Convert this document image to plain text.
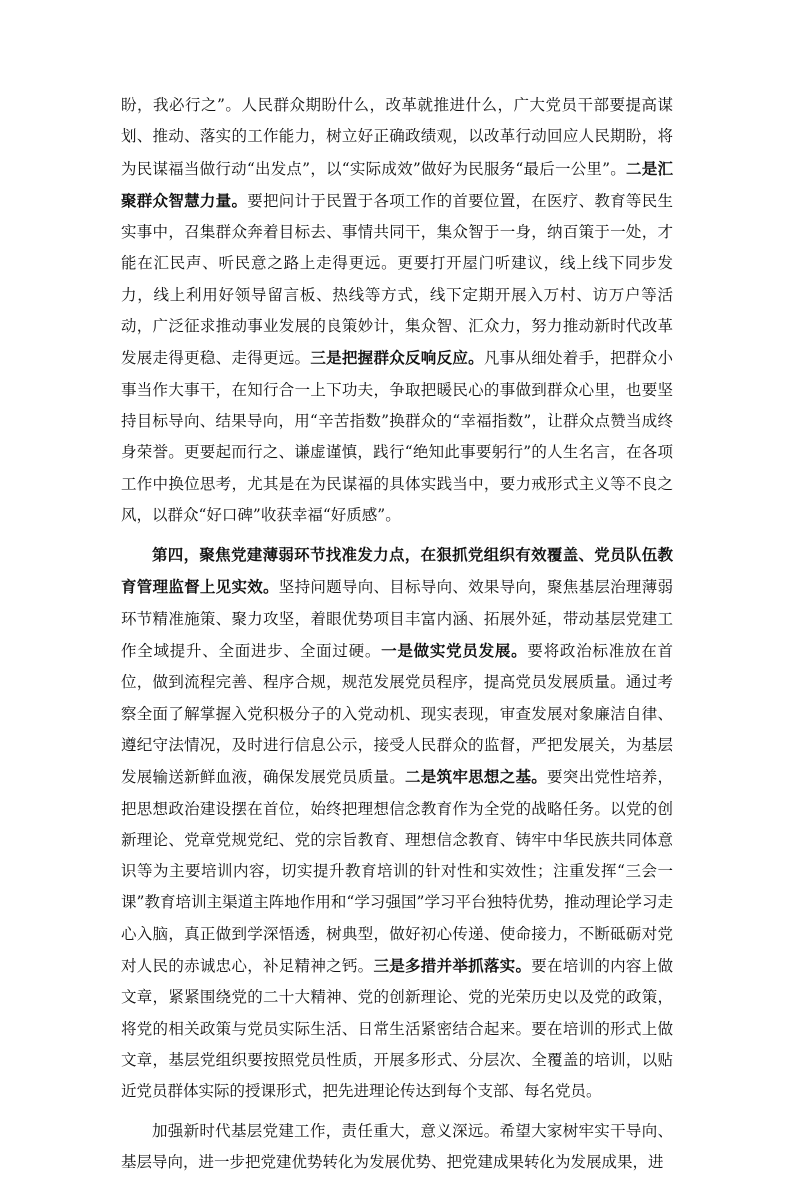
盼，我必行之”。人民群众期盼什么，改革就推进什么，广大党员干部要提高谋划、推动、落实的工作能力，树立好正确政绩观，以改革行动回应人民期盼，将为民谋福当做行动“出发点”，以“实际成效”做好为民服务“最后一公里”。二是汇聚群众智慧力量。要把问计于民置于各项工作的首要位置，在医疗、教育等民生实事中，召集群众奔着目标去、事情共同干，集众智于一身，纳百策于一处，才能在汇民声、听民意之路上走得更远。更要打开屋门听建议，线上线下同步发力，线上利用好领导留言板、热线等方式，线下定期开展入万村、访万户等活动，广泛征求推动事业发展的良策妙计，集众智、汇众力，努力推动新时代改革发展走得更稳、走得更远。三是把握群众反响反应。凡事从细处着手，把群众小事当作大事干，在知行合一上下功夫，争取把暖民心的事做到群众心里，也要坚持目标导向、结果导向，用“辛苦指数”换群众的“幸福指数”，让群众点赞当成终身荣誉。更要起而行之、谦虚谨慎，践行“绝知此事要躬行”的人生名言，在各项工作中换位思考，尤其是在为民谋福的具体实践当中，要力戒形式主义等不良之风，以群众“好口碑”收获幸福“好质感”。

第四，聚焦党建薄弱环节找准发力点，在狠抓党组织有效覆盖、党员队伍教育管理监督上见实效。坚持问题导向、目标导向、效果导向，聚焦基层治理薄弱环节精准施策、聚力攻坚，着眼优势项目丰富内涵、拓展外延，带动基层党建工作全域提升、全面进步、全面过硬。一是做实党员发展。要将政治标准放在首位，做到流程完善、程序合规，规范发展党员程序，提高党员发展质量。通过考察全面了解掌握入党积极分子的入党动机、现实表现，审查发展对象廉洁自律、遵纪守法情况，及时进行信息公示，接受人民群众的监督，严把发展关，为基层发展输送新鲜血液，确保发展党员质量。二是筑牢思想之基。要突出党性培养，把思想政治建设摆在首位，始终把理想信念教育作为全党的战略任务。以党的创新理论、党章党规党纪、党的宗旨教育、理想信念教育、铸牢中华民族共同体意识等为主要培训内容，切实提升教育培训的针对性和实效性；注重发挥“三会一课”教育培训主渠道主阵地作用和“学习强国”学习平台独特优势，推动理论学习走心入脑，真正做到学深悟透，树典型，做好初心传递、使命接力，不断砥砺对党对人民的赤诚忠心，补足精神之钙。三是多措并举抓落实。要在培训的内容上做文章，紧紧围绕党的二十大精神、党的创新理论、党的光荣历史以及党的政策，将党的相关政策与党员实际生活、日常生活紧密结合起来。要在培训的形式上做文章，基层党组织要按照党员性质，开展多形式、分层次、全覆盖的培训，以贴近党员群体实际的授课形式，把先进理论传达到每个支部、每名党员。

加强新时代基层党建工作，责任重大，意义深远。希望大家树牢实干导向、基层导向，进一步把党建优势转化为发展优势、把党建成果转化为发展成果，进
